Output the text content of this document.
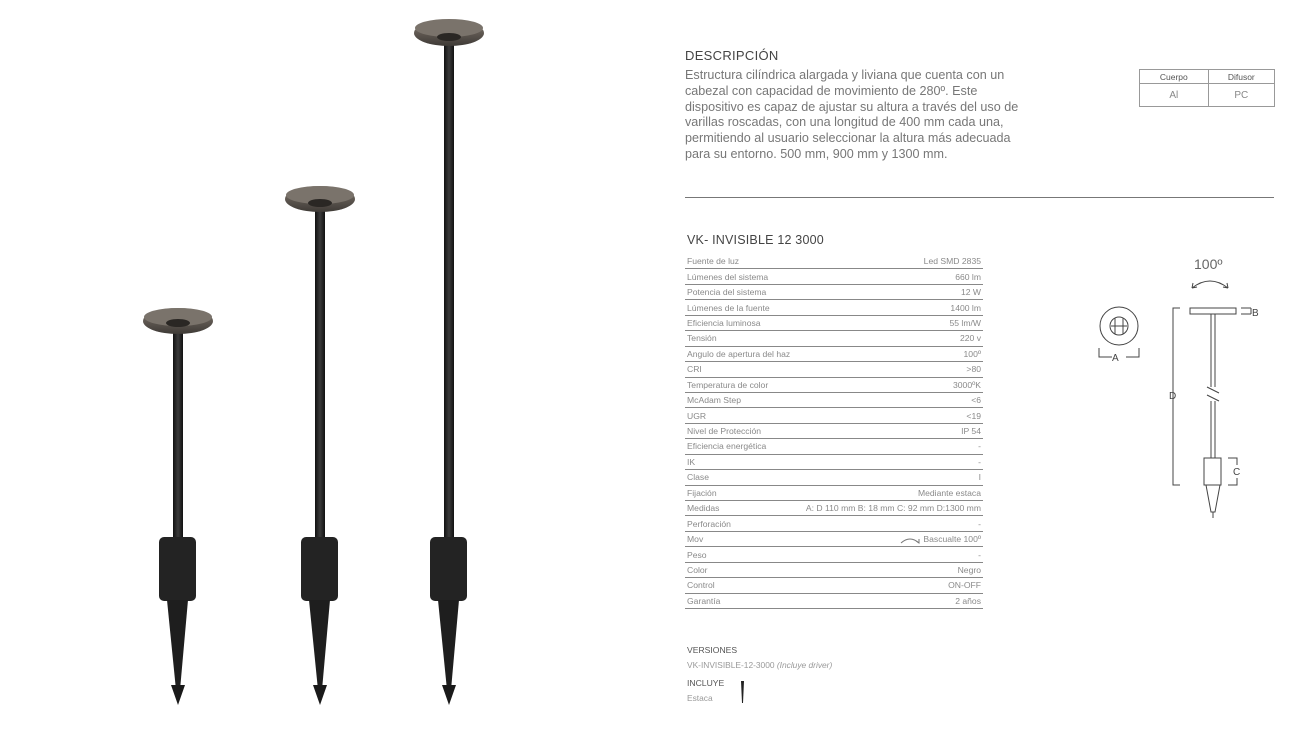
DESCRIPCIÓN
Estructura cilíndrica alargada y liviana que cuenta con un
cabezal con capacidad de movimiento de 280º. Este
dispositivo es capaz de ajustar su altura a través del uso de
varillas roscadas, con una longitud de 400 mm cada una,
permitiendo al usuario seleccionar la altura más adecuada
para su entorno. 500 mm, 900 mm y 1300 mm.
Cuerpo	Difusor
Al	PC
VK- INVISIBLE 12 3000
Fuente de luz	Led SMD 2835
Lúmenes del sistema	660 lm
Potencia del sistema	12 W
Lúmenes de la fuente	1400 lm
Eficiencia luminosa	55 lm/W
Tensión	220 v
Angulo de apertura del haz	100º
CRI	>80
Temperatura de color	3000ºK
McAdam Step	<6
UGR	<19
Nivel de Protección	IP 54
Eficiencia energética	-
IK	-
Clase	I
Fijación	Mediante estaca
Medidas	A: D 110 mm B: 18 mm C: 92 mm D:1300 mm
Perforación	-
Mov	Bascualte 100º
Peso	-
Color	Negro
Control	ON-OFF
Garantía	2 años
VERSIONES
VK-INVISIBLE-12-3000 (Incluye driver)
INCLUYE
Estaca
100º
A
B
C
D
